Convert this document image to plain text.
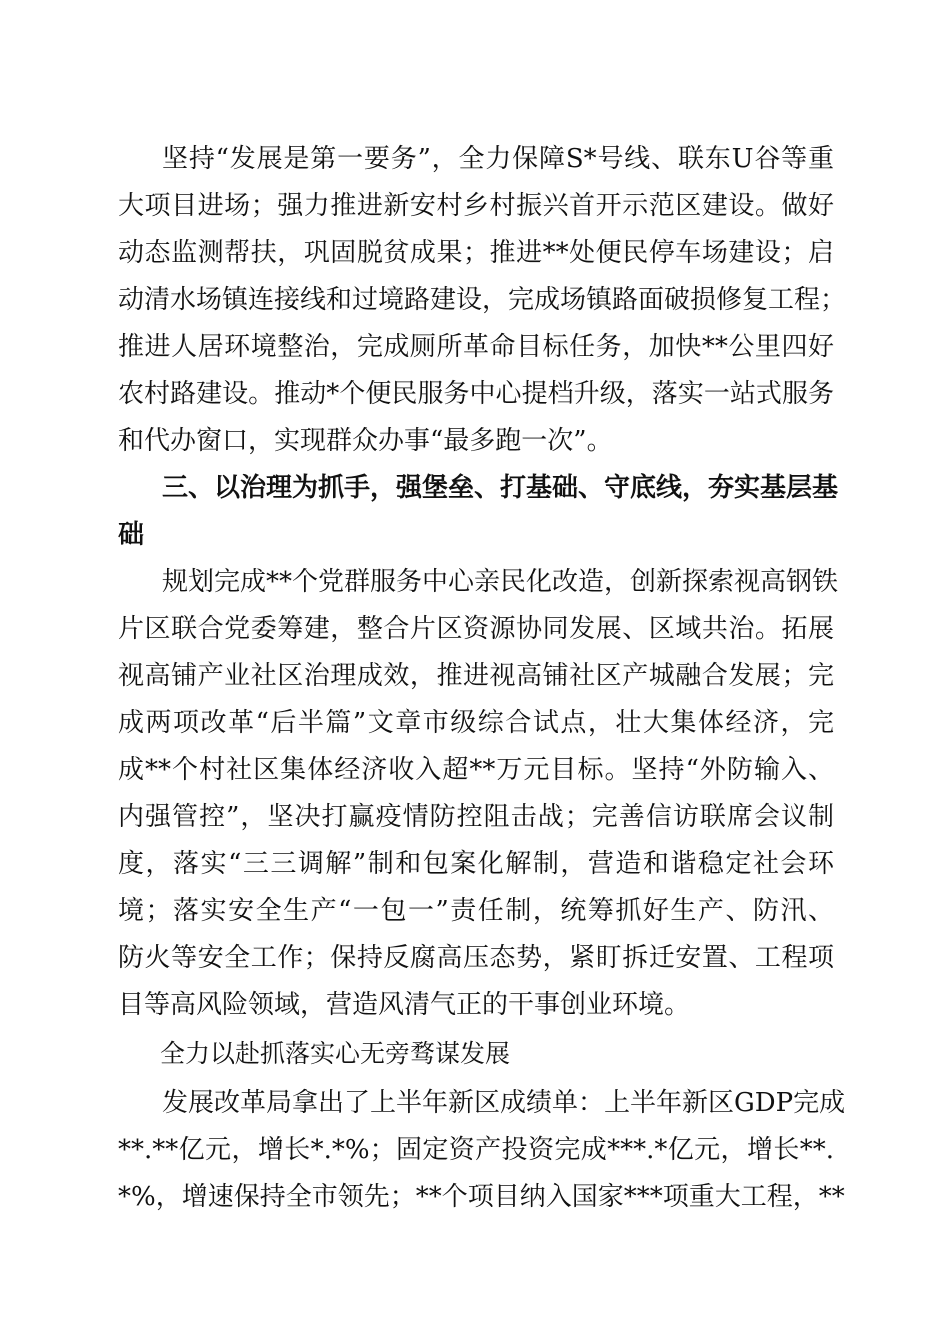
坚持“发展是第一要务”，全力保障S*号线、联东U谷等重
大项目进场；强力推进新安村乡村振兴首开示范区建设。做好
动态监测帮扶，巩固脱贫成果；推进**处便民停车场建设；启
动清水场镇连接线和过境路建设，完成场镇路面破损修复工程；
推进人居环境整治，完成厕所革命目标任务，加快**公里四好
农村路建设。推动*个便民服务中心提档升级，落实一站式服务
和代办窗口，实现群众办事“最多跑一次”。
三、以治理为抓手，强堡垒、打基础、守底线，夯实基层基
础
规划完成**个党群服务中心亲民化改造，创新探索视高钢铁
片区联合党委筹建，整合片区资源协同发展、区域共治。拓展
视高铺产业社区治理成效，推进视高铺社区产城融合发展；完
成两项改革“后半篇”文章市级综合试点，壮大集体经济，完
成**个村社区集体经济收入超**万元目标。坚持“外防输入、
内强管控”，坚决打赢疫情防控阻击战；完善信访联席会议制
度，落实“三三调解”制和包案化解制，营造和谐稳定社会环
境；落实安全生产“一包一”责任制，统筹抓好生产、防汛、
防火等安全工作；保持反腐高压态势，紧盯拆迁安置、工程项
目等高风险领域，营造风清气正的干事创业环境。
全力以赴抓落实心无旁骛谋发展
发展改革局拿出了上半年新区成绩单：上半年新区GDP完成
**.**亿元，增长*.*%；固定资产投资完成***.*亿元，增长**.
*%，增速保持全市领先；**个项目纳入国家***项重大工程，**
